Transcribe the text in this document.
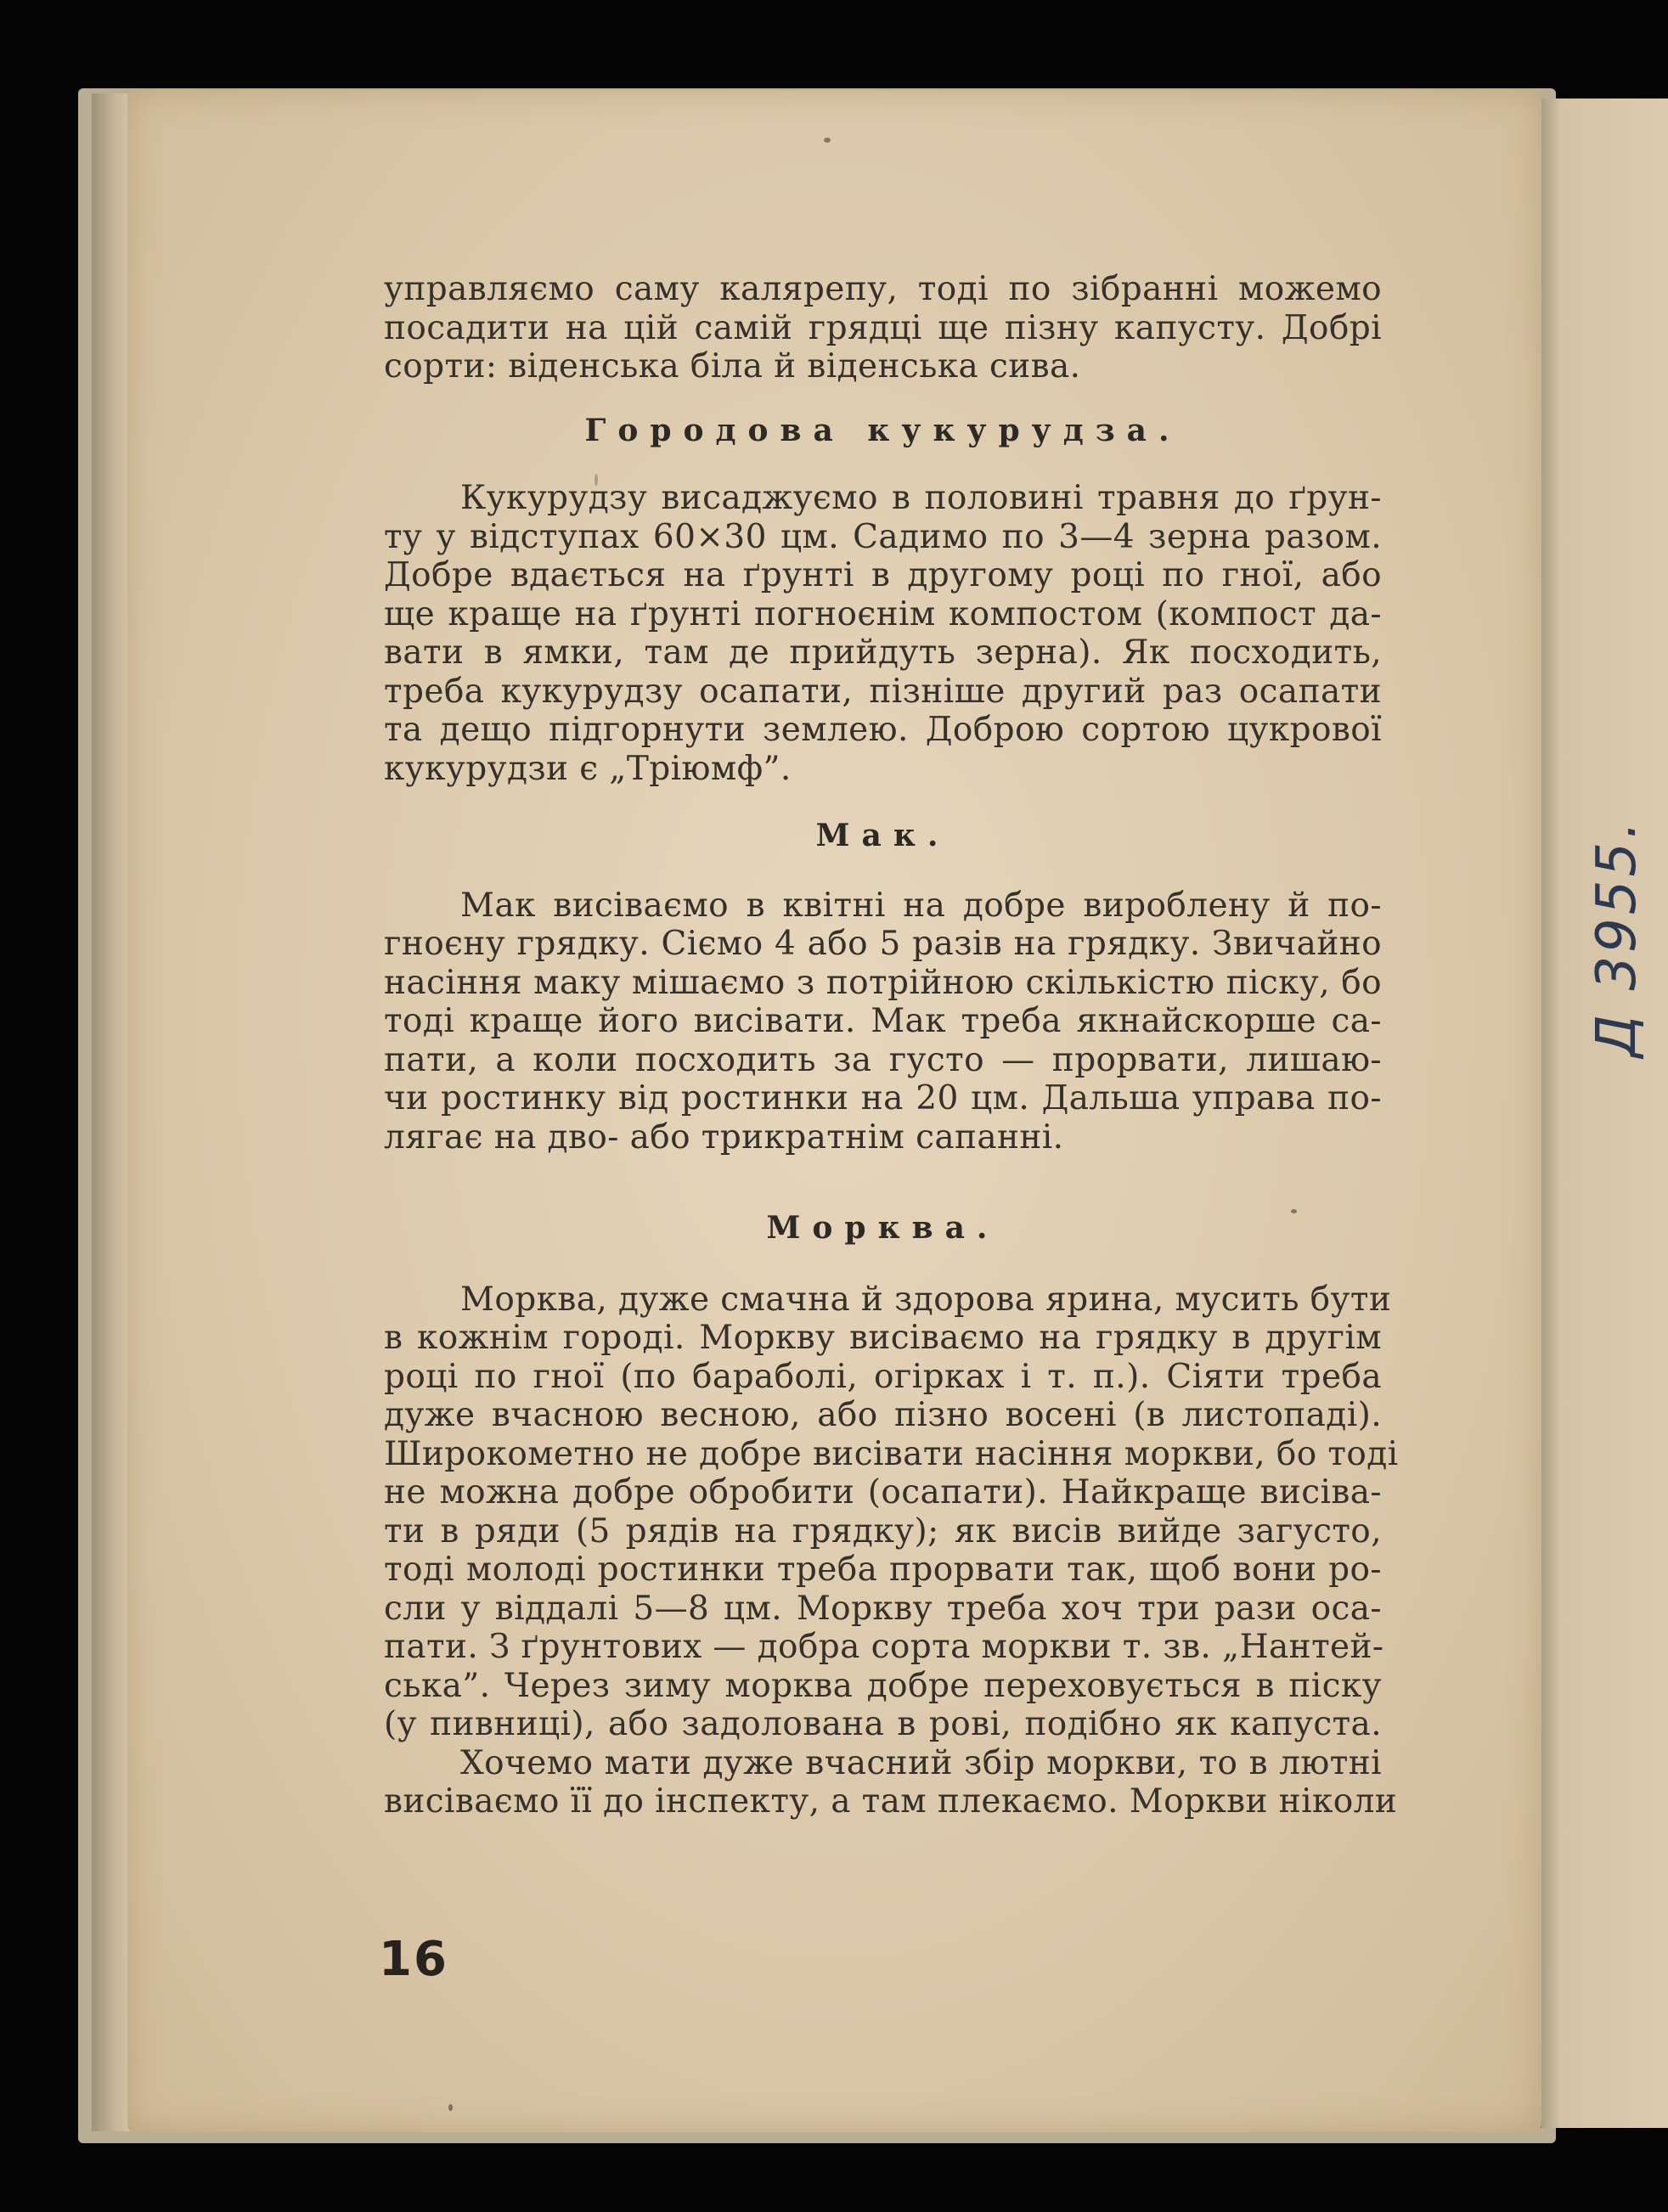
Д 3955.
управляємо саму калярепу, тоді по зібранні можемо
посадити на цій самій грядці ще пізну капусту. Добрі
сорти: віденська біла й віденська сива.
Городова кукурудза.
Кукурудзу висаджуємо в половині травня до ґрун-
ту у відступах 60×30 цм. Садимо по 3—4 зерна разом.
Добре вдається на ґрунті в другому році по гної, або
ще краще на ґрунті погноєнім компостом (компост да-
вати в ямки, там де прийдуть зерна). Як посходить,
треба кукурудзу осапати, пізніше другий раз осапати
та дещо підгорнути землею. Доброю сортою цукрової
кукурудзи є „Тріюмф”.
Мак.
Мак висіваємо в квітні на добре вироблену й по-
гноєну грядку. Сіємо 4 або 5 разів на грядку. Звичайно
насіння маку мішаємо з потрійною скількістю піску, бо
тоді краще його висівати. Мак треба якнайскорше са-
пати, а коли посходить за густо — прорвати, лишаю-
чи ростинку від ростинки на 20 цм. Дальша управа по-
лягає на дво- або трикратнім сапанні.
Морква.
Морква, дуже смачна й здорова ярина, мусить бути
в кожнім городі. Моркву висіваємо на грядку в другім
році по гної (по бараболі, огірках і т. п.). Сіяти треба
дуже вчасною весною, або пізно восені (в листопаді).
Широкометно не добре висівати насіння моркви, бо тоді
не можна добре обробити (осапати). Найкраще висіва-
ти в ряди (5 рядів на грядку); як висів вийде загусто,
тоді молоді ростинки треба прорвати так, щоб вони ро-
сли у віддалі 5—8 цм. Моркву треба хоч три рази оса-
пати. З ґрунтових — добра сорта моркви т. зв. „Нантей-
ська”. Через зиму морква добре переховується в піску
(у пивниці), або задолована в рові, подібно як капуста.
Хочемо мати дуже вчасний збір моркви, то в лютні
висіваємо її до інспекту, а там плекаємо. Моркви ніколи
16
